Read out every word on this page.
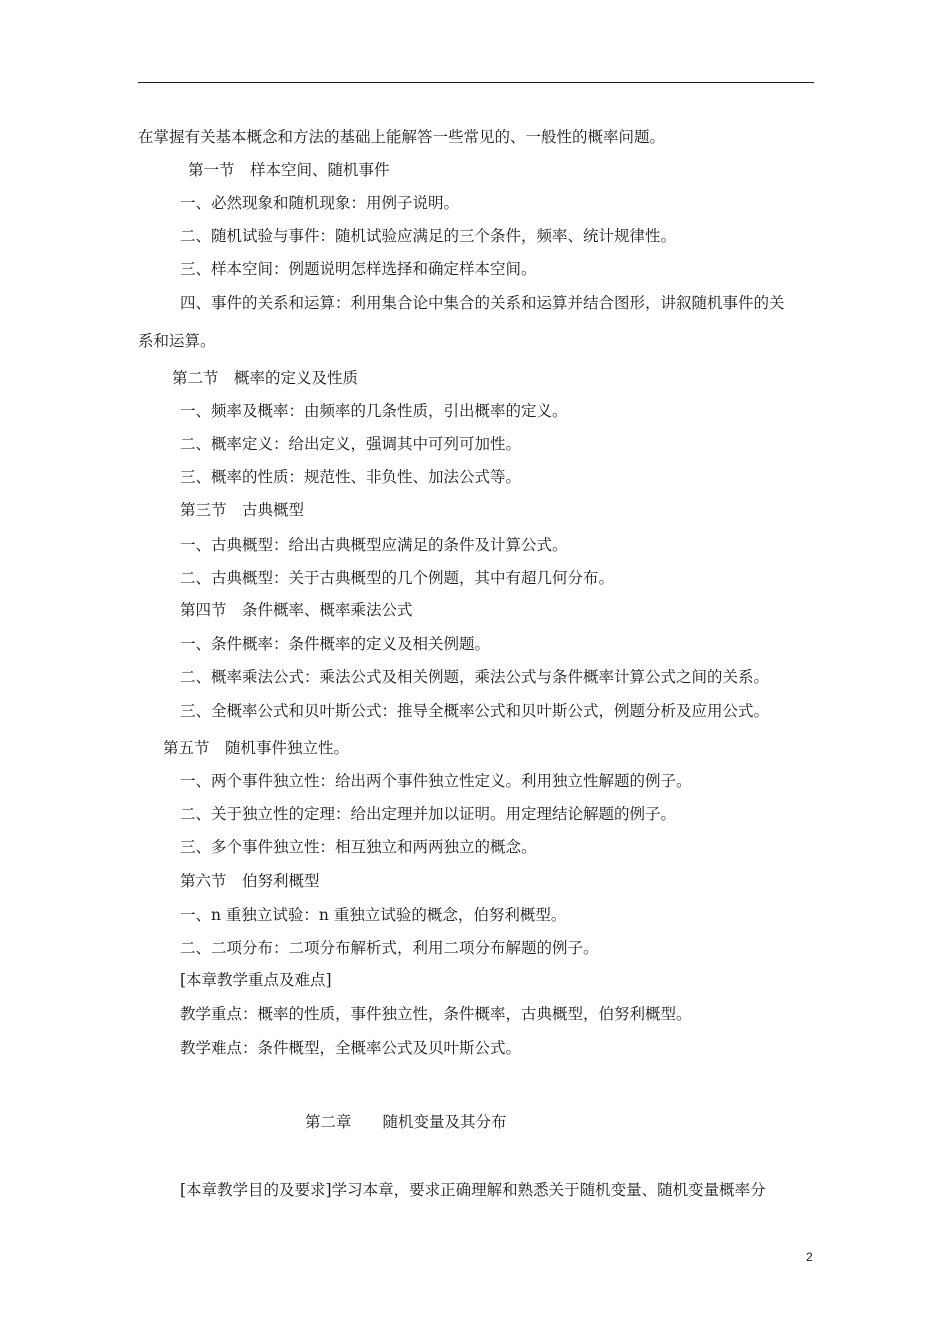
在掌握有关基本概念和方法的基础上能解答一些常见的、一般性的概率问题。
第一节　样本空间、随机事件
一、必然现象和随机现象：用例子说明。
二、随机试验与事件：随机试验应满足的三个条件，频率、统计规律性。
三、样本空间：例题说明怎样选择和确定样本空间。
四、事件的关系和运算：利用集合论中集合的关系和运算并结合图形，讲叙随机事件的关
系和运算。
第二节　概率的定义及性质
一、频率及概率：由频率的几条性质，引出概率的定义。
二、概率定义：给出定义，强调其中可列可加性。
三、概率的性质：规范性、非负性、加法公式等。
第三节　古典概型
一、古典概型：给出古典概型应满足的条件及计算公式。
二、古典概型：关于古典概型的几个例题，其中有超几何分布。
第四节　条件概率、概率乘法公式
一、条件概率：条件概率的定义及相关例题。
二、概率乘法公式：乘法公式及相关例题，乘法公式与条件概率计算公式之间的关系。
三、全概率公式和贝叶斯公式：推导全概率公式和贝叶斯公式，例题分析及应用公式。
第五节　随机事件独立性。
一、两个事件独立性：给出两个事件独立性定义。利用独立性解题的例子。
二、关于独立性的定理：给出定理并加以证明。用定理结论解题的例子。
三、多个事件独立性：相互独立和两两独立的概念。
第六节　伯努利概型
一、n 重独立试验：n 重独立试验的概念，伯努利概型。
二、二项分布：二项分布解析式，利用二项分布解题的例子。
[本章教学重点及难点]
教学重点：概率的性质，事件独立性，条件概率，古典概型，伯努利概型。
教学难点：条件概型，全概率公式及贝叶斯公式。
第二章　　随机变量及其分布
[本章教学目的及要求]学习本章，要求正确理解和熟悉关于随机变量、随机变量概率分
2
